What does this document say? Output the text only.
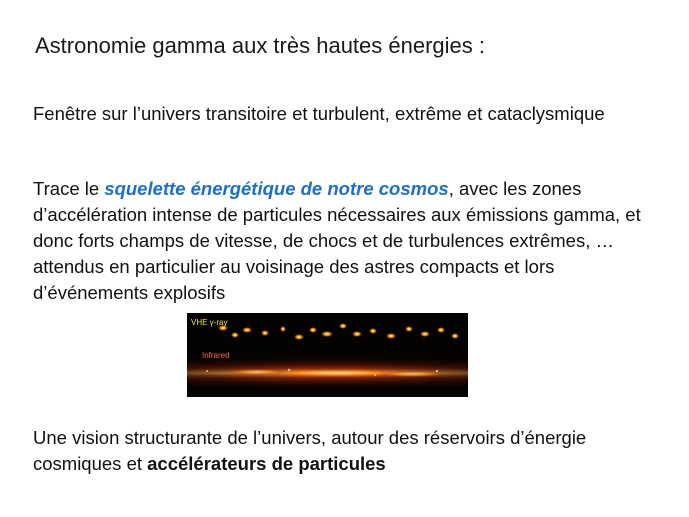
Astronomie gamma aux très hautes énergies :
Fenêtre sur l’univers transitoire et turbulent, extrême et cataclysmique
Trace le squelette énergétique de notre cosmos, avec les zones d’accélération intense de particules nécessaires aux émissions gamma, et donc forts champs de vitesse, de chocs et de turbulences extrêmes, … attendus en particulier au voisinage des astres compacts et lors d’événements explosifs
VHE γ-ray
Infrared
Une vision structurante de l’univers, autour des réservoirs d’énergie cosmiques et accélérateurs de particules
